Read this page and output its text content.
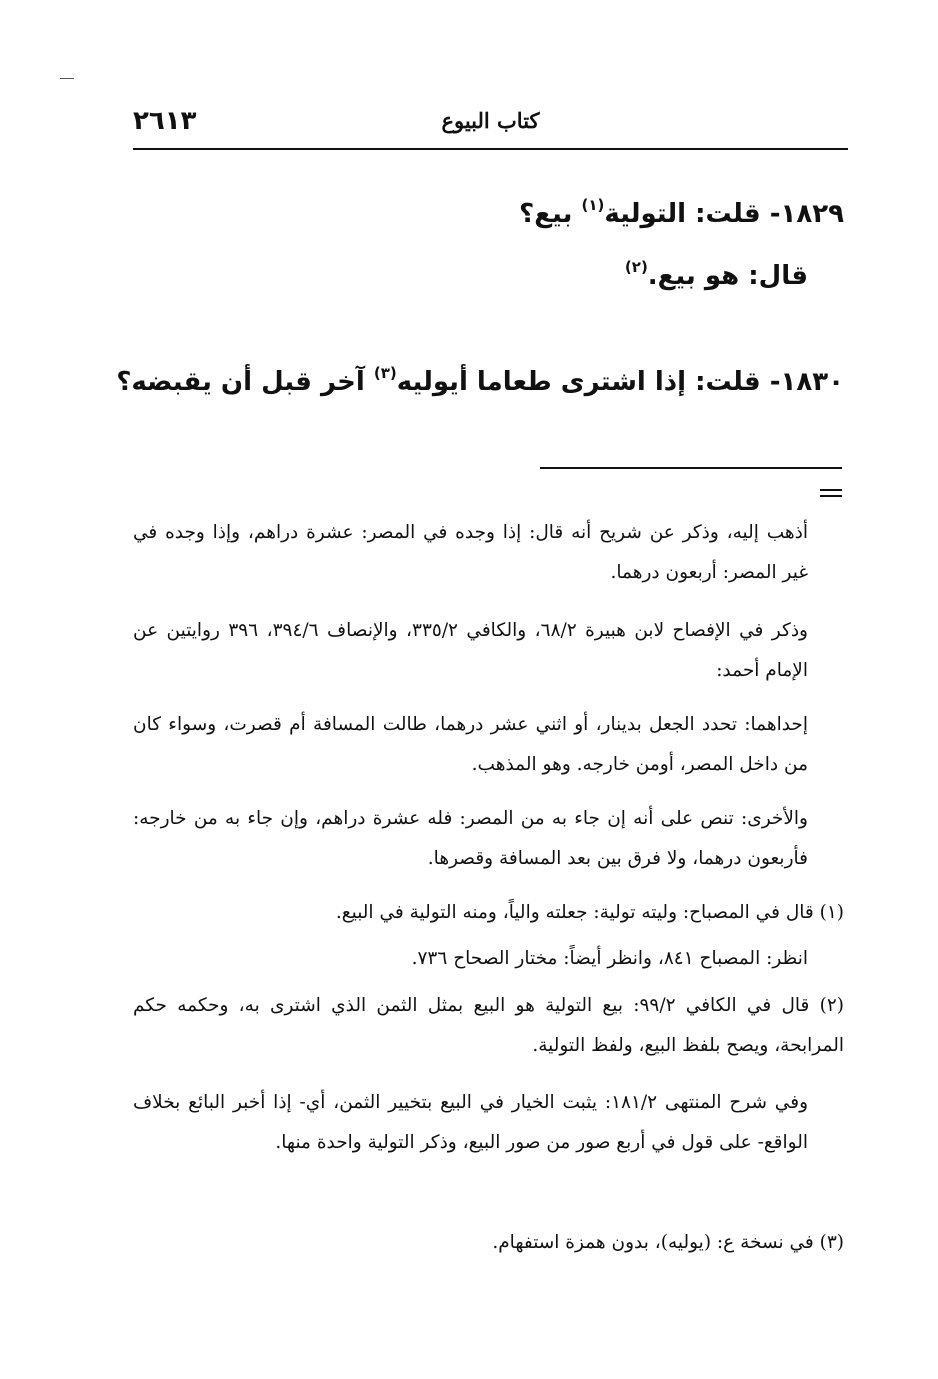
٢٦١٣	كتاب البيوع
١٨٢٩- قلت: التولية$^{(١)}$ بيع؟
قال: هو بيع.$^{(٢)}$
١٨٣٠- قلت: إذا اشترى طعاما أيوليه$^{(٣)}$ آخر قبل أن يقبضه؟
أذهب إليه، وذكر عن شريح أنه قال: إذا وجده في المصر: عشرة دراهم، وإذا وجده في غير المصر: أربعون درهما.
وذكر في الإفصاح لابن هبيرة ٦٨/٢، والكافي ٣٣٥/٢، والإنصاف ٣٩٤/٦، ٣٩٦ روايتين عن الإمام أحمد:
إحداهما: تحدد الجعل بدينار، أو اثني عشر درهما، طالت المسافة أم قصرت، وسواء كان من داخل المصر، أومن خارجه. وهو المذهب.
والأخرى: تنص على أنه إن جاء به من المصر: فله عشرة دراهم، وإن جاء به من خارجه: فأربعون درهما، ولا فرق بين بعد المسافة وقصرها.
(١) قال في المصباح: وليته تولية: جعلته والياً، ومنه التولية في البيع.
انظر: المصباح ٨٤١، وانظر أيضاً: مختار الصحاح ٧٣٦.
(٢) قال في الكافي ٩٩/٢: بيع التولية هو البيع بمثل الثمن الذي اشترى به، وحكمه حكم المرابحة، ويصح بلفظ البيع، ولفظ التولية.
وفي شرح المنتهى ١٨١/٢: يثبت الخيار في البيع بتخيير الثمن، أي- إذا أخبر البائع بخلاف الواقع- على قول في أربع صور من صور البيع، وذكر التولية واحدة منها.
(٣) في نسخة ع: (يوليه)، بدون همزة استفهام.
